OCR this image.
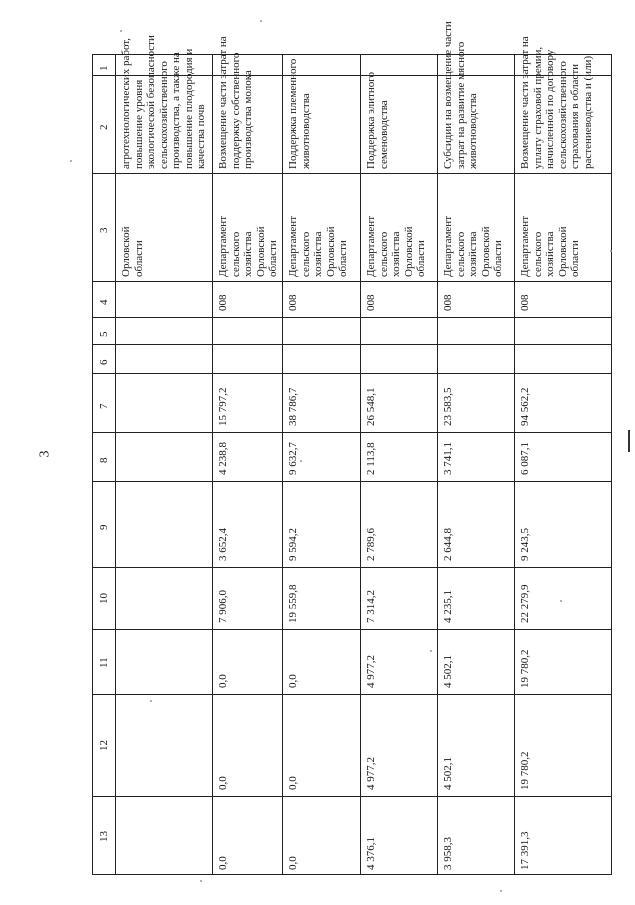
3
1
2
3
4
5
6
7
8
9
10
11
12
13
агротехнологических работ,
повышение уровня
экологической безопасности
сельскохозяйственного
производства, а также на
повышение плодородия и
качества почв
Орловской
области
Возмещение части затрат на
поддержку собственного
производства молока
Департамент
сельского
хозяйства
Орловской
области
008
15 797,2
4 238,8
3 652,4
7 906,0
0,0
0,0
0,0
Поддержка племенного
животноводства
Департамент
сельского
хозяйства
Орловской
области
008
38 786,7
9 632,7
9 594,2
19 559,8
0,0
0,0
0,0
Поддержка элитного
семеноводства
Департамент
сельского
хозяйства
Орловской
области
008
26 548,1
2 113,8
2 789,6
7 314,2
4 977,2
4 977,2
4 376,1
Субсидии на возмещение части
затрат на развитие мясного
животноводства
Департамент
сельского
хозяйства
Орловской
области
008
23 583,5
3 741,1
2 644,8
4 235,1
4 502,1
4 502,1
3 958,3
Возмещение части затрат на
уплату страховой премии,
начисленной по договору
сельскохозяйственного
страхования в области
растениеводства и (или)
Департамент
сельского
хозяйства
Орловской
области
008
94 562,2
6 087,1
9 243,5
22 279,9
19 780,2
19 780,2
17 391,3
